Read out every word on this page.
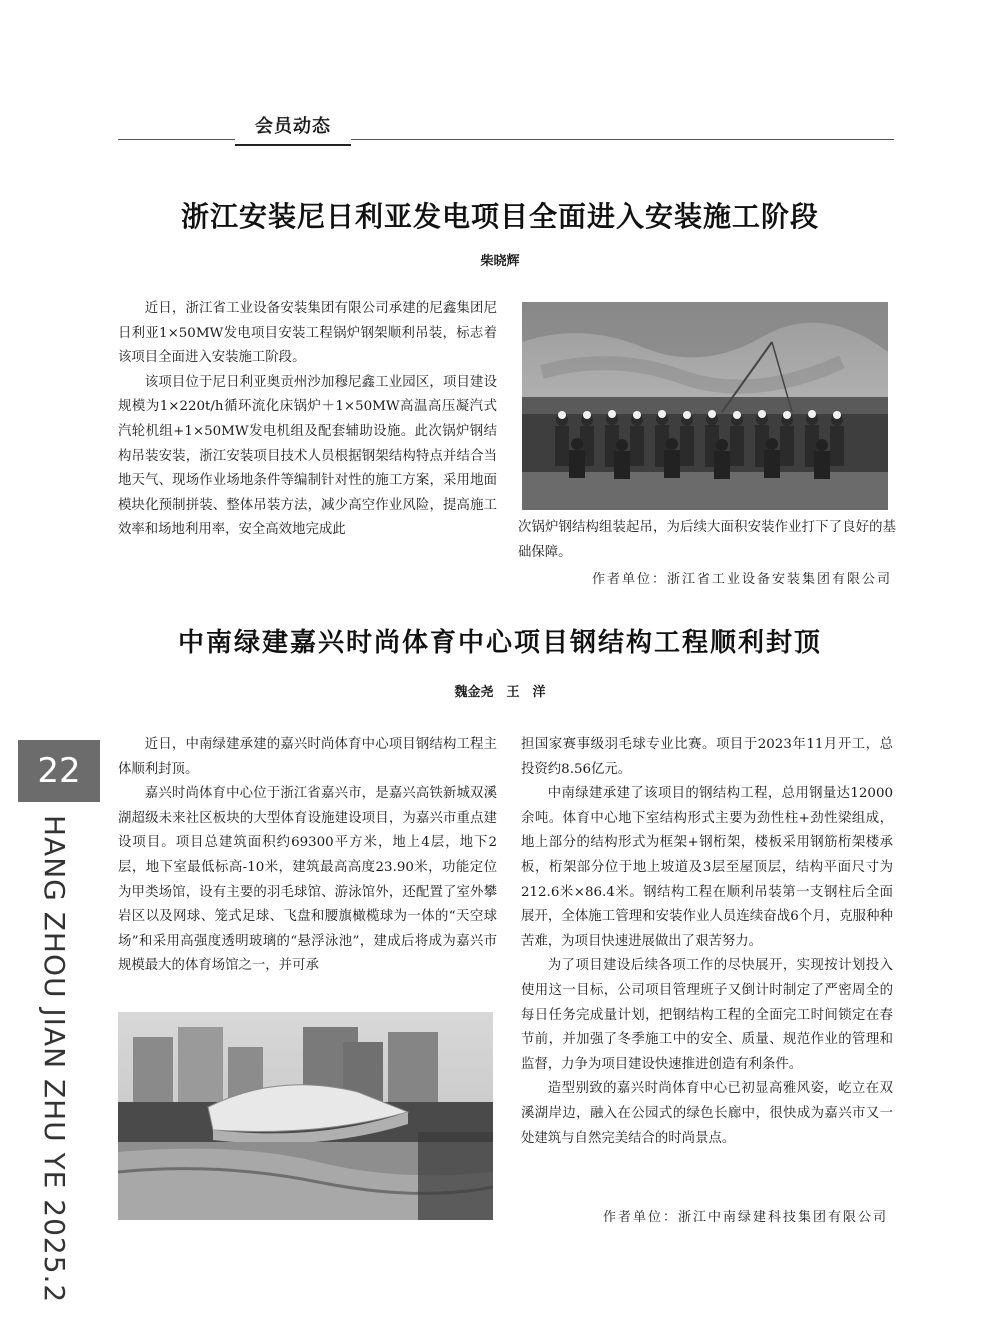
会员动态
浙江安装尼日利亚发电项目全面进入安装施工阶段
柴晓辉

近日，浙江省工业设备安装集团有限公司承建的尼鑫集团尼日利亚1×50MW发电项目安装工程锅炉钢架顺利吊装，标志着该项目全面进入安装施工阶段。

该项目位于尼日利亚奥贡州沙加穆尼鑫工业园区，项目建设规模为1×220t/h循环流化床锅炉＋1×50MW高温高压凝汽式汽轮机组+1×50MW发电机组及配套辅助设施。此次锅炉钢结构吊装安装，浙江安装项目技术人员根据钢架结构特点并结合当地天气、现场作业场地条件等编制针对性的施工方案，采用地面模块化预制拼装、整体吊装方法，减少高空作业风险，提高施工效率和场地利用率，安全高效地完成此	次锅炉钢结构组装起吊，为后续大面积安装作业打下了良好的基础保障。

作者单位：浙江省工业设备安装集团有限公司
中南绿建嘉兴时尚体育中心项目钢结构工程顺利封顶
魏金尧　王　洋
22
HANG ZHOU JIAN ZHU YE 2025.2

近日，中南绿建承建的嘉兴时尚体育中心项目钢结构工程主体顺利封顶。

嘉兴时尚体育中心位于浙江省嘉兴市，是嘉兴高铁新城双溪湖超级未来社区板块的大型体育设施建设项目，为嘉兴市重点建设项目。项目总建筑面积约69300平方米，地上4层，地下2层，地下室最低标高-10米，建筑最高高度23.90米，功能定位为甲类场馆，设有主要的羽毛球馆、游泳馆外，还配置了室外攀岩区以及网球、笼式足球、飞盘和腰旗橄榄球为一体的“天空球场”和采用高强度透明玻璃的“悬浮泳池”，建成后将成为嘉兴市规模最大的体育场馆之一，并可承

担国家赛事级羽毛球专业比赛。项目于2023年11月开工，总投资约8.56亿元。

中南绿建承建了该项目的钢结构工程，总用钢量达12000余吨。体育中心地下室结构形式主要为劲性柱+劲性梁组成，地上部分的结构形式为框架+钢桁架，楼板采用钢筋桁架楼承板，桁架部分位于地上坡道及3层至屋顶层，结构平面尺寸为212.6米×86.4米。钢结构工程在顺利吊装第一支钢柱后全面展开，全体施工管理和安装作业人员连续奋战6个月，克服种种苦难，为项目快速进展做出了艰苦努力。

为了项目建设后续各项工作的尽快展开，实现按计划投入使用这一目标，公司项目管理班子又倒计时制定了严密周全的每日任务完成量计划，把钢结构工程的全面完工时间锁定在春节前，并加强了冬季施工中的安全、质量、规范作业的管理和监督，力争为项目建设快速推进创造有利条件。

造型别致的嘉兴时尚体育中心已初显高雅风姿，屹立在双溪湖岸边，融入在公园式的绿色长廊中，很快成为嘉兴市又一处建筑与自然完美结合的时尚景点。

作者单位：浙江中南绿建科技集团有限公司
